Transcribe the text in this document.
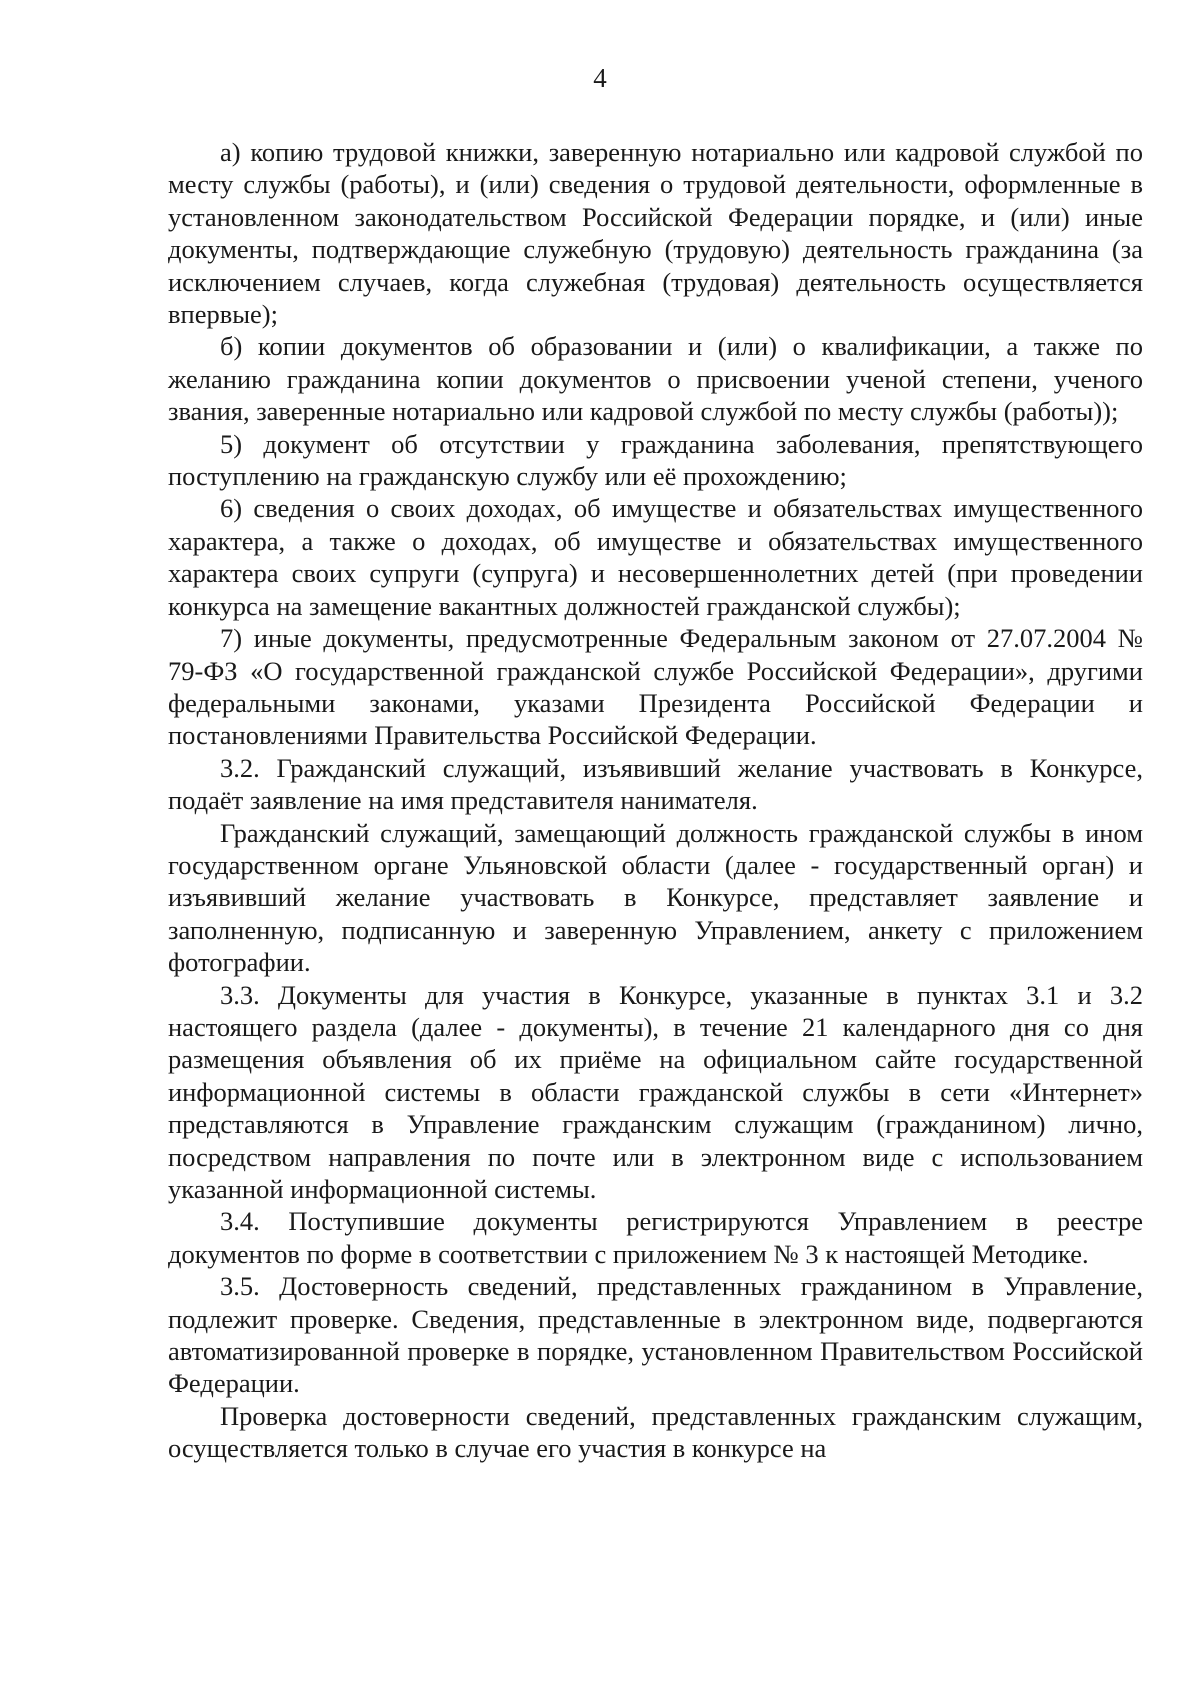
4

а) копию трудовой книжки, заверенную нотариально или кадровой службой по месту службы (работы), и (или) сведения о трудовой деятельности, оформленные в установленном законодательством Российской Федерации порядке, и (или) иные документы, подтверждающие служебную (трудовую) деятельность гражданина (за исключением случаев, когда служебная (трудовая) деятельность осуществляется впервые);

б) копии документов об образовании и (или) о квалификации, а также по желанию гражданина копии документов о присвоении ученой степени, ученого звания, заверенные нотариально или кадровой службой по месту службы (работы));

5) документ об отсутствии у гражданина заболевания, препятствующего поступлению на гражданскую службу или её прохождению;

6) сведения о своих доходах, об имуществе и обязательствах имущественного характера, а также о доходах, об имуществе и обязательствах имущественного характера своих супруги (супруга) и несовершеннолетних детей (при проведении конкурса на замещение вакантных должностей гражданской службы);

7) иные документы, предусмотренные Федеральным законом от 27.07.2004 № 79-ФЗ «О государственной гражданской службе Российской Федерации», другими федеральными законами, указами Президента Российской Федерации и постановлениями Правительства Российской Федерации.

3.2. Гражданский служащий, изъявивший желание участвовать в Конкурсе, подаёт заявление на имя представителя нанимателя.

Гражданский служащий, замещающий должность гражданской службы в ином государственном органе Ульяновской области (далее - государственный орган) и изъявивший желание участвовать в Конкурсе, представляет заявление и заполненную, подписанную и заверенную Управлением, анкету с приложением фотографии.

3.3. Документы для участия в Конкурсе, указанные в пунктах 3.1 и 3.2 настоящего раздела (далее - документы), в течение 21 календарного дня со дня размещения объявления об их приёме на официальном сайте государственной информационной системы в области гражданской службы в сети «Интернет» представляются в Управление гражданским служащим (гражданином) лично, посредством направления по почте или в электронном виде с использованием указанной информационной системы.

3.4. Поступившие документы регистрируются Управлением в реестре документов по форме в соответствии с приложением № 3 к настоящей Методике.

3.5. Достоверность сведений, представленных гражданином в Управление, подлежит проверке. Сведения, представленные в электронном виде, подвергаются автоматизированной проверке в порядке, установленном Правительством Российской Федерации.

Проверка достоверности сведений, представленных гражданским служащим, осуществляется только в случае его участия в конкурсе на
